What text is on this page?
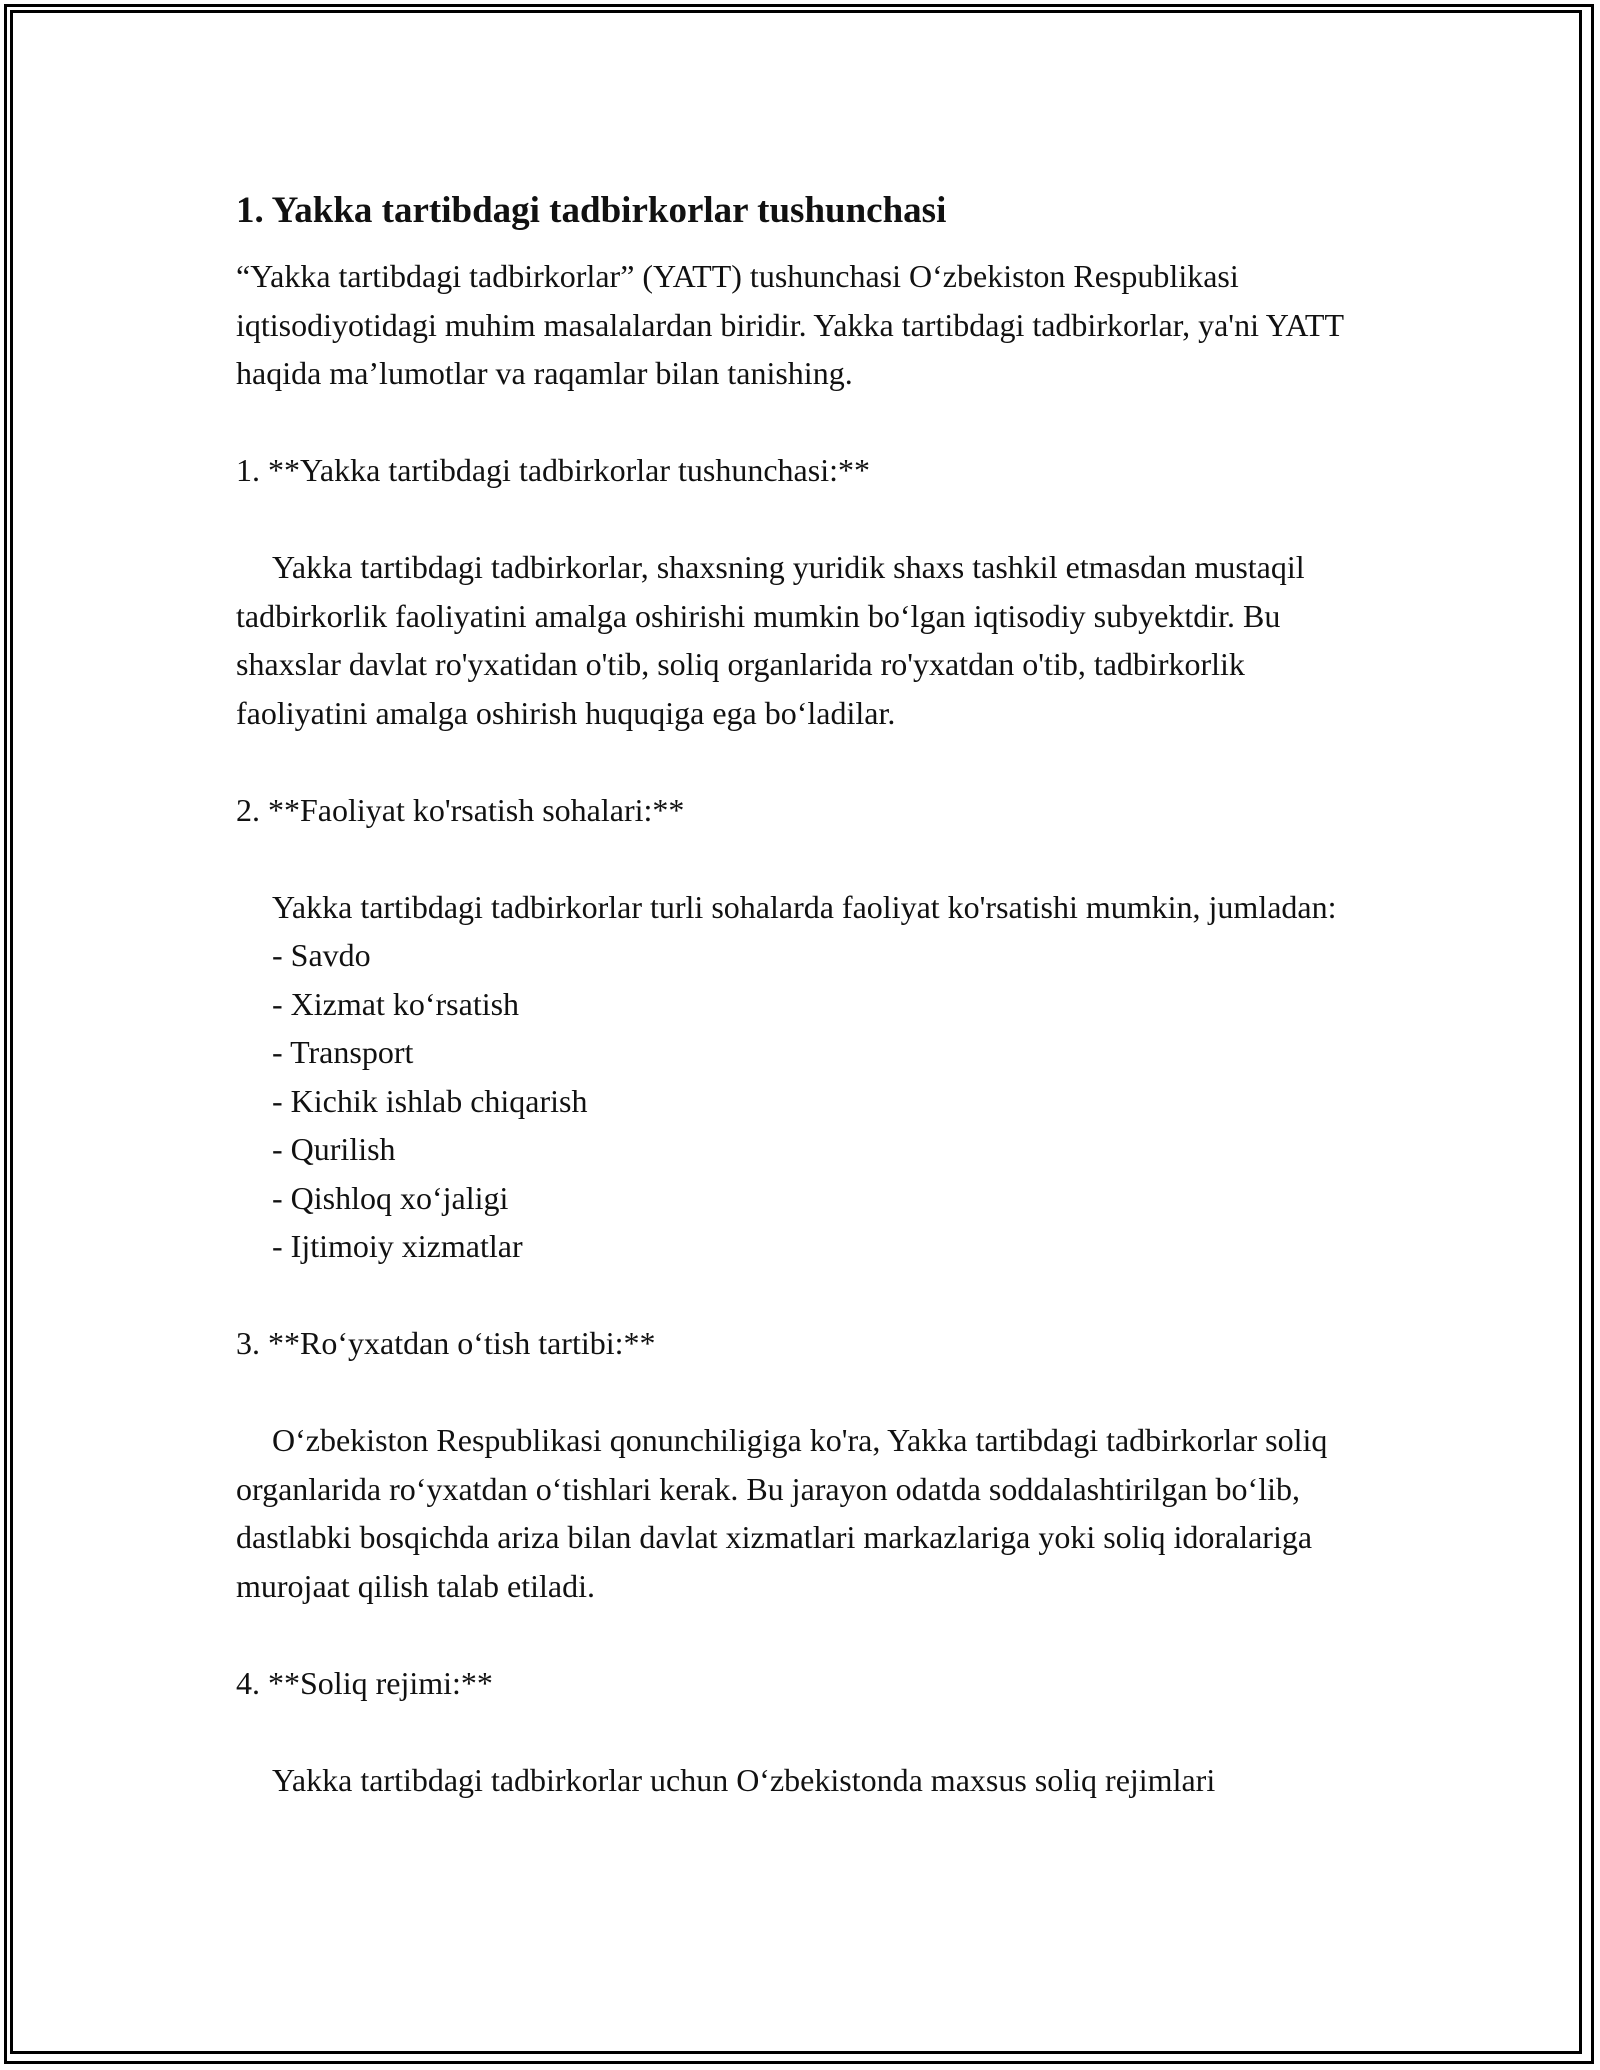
1. Yakka tartibdagi tadbirkorlar tushunchasi

“Yakka tartibdagi tadbirkorlar” (YATT) tushunchasi O‘zbekiston Respublikasi iqtisodiyotidagi muhim masalalardan biridir. Yakka tartibdagi tadbirkorlar, ya'ni YATT haqida ma’lumotlar va raqamlar bilan tanishing.

1. **Yakka tartibdagi tadbirkorlar tushunchasi:**

Yakka tartibdagi tadbirkorlar, shaxsning yuridik shaxs tashkil etmasdan mustaqil tadbirkorlik faoliyatini amalga oshirishi mumkin bo‘lgan iqtisodiy subyektdir. Bu shaxslar davlat ro'yxatidan o'tib, soliq organlarida ro'yxatdan o'tib, tadbirkorlik faoliyatini amalga oshirish huquqiga ega bo‘ladilar.

2. **Faoliyat ko'rsatish sohalari:**

Yakka tartibdagi tadbirkorlar turli sohalarda faoliyat ko'rsatishi mumkin, jumladan:

- Savdo
- Xizmat ko‘rsatish
- Transport
- Kichik ishlab chiqarish
- Qurilish
- Qishloq xo‘jaligi
- Ijtimoiy xizmatlar

3. **Ro‘yxatdan o‘tish tartibi:**

O‘zbekiston Respublikasi qonunchiligiga ko'ra, Yakka tartibdagi tadbirkorlar soliq organlarida ro‘yxatdan o‘tishlari kerak. Bu jarayon odatda soddalashtirilgan bo‘lib, dastlabki bosqichda ariza bilan davlat xizmatlari markazlariga yoki soliq idoralariga murojaat qilish talab etiladi.

4. **Soliq rejimi:**

Yakka tartibdagi tadbirkorlar uchun O‘zbekistonda maxsus soliq rejimlari
